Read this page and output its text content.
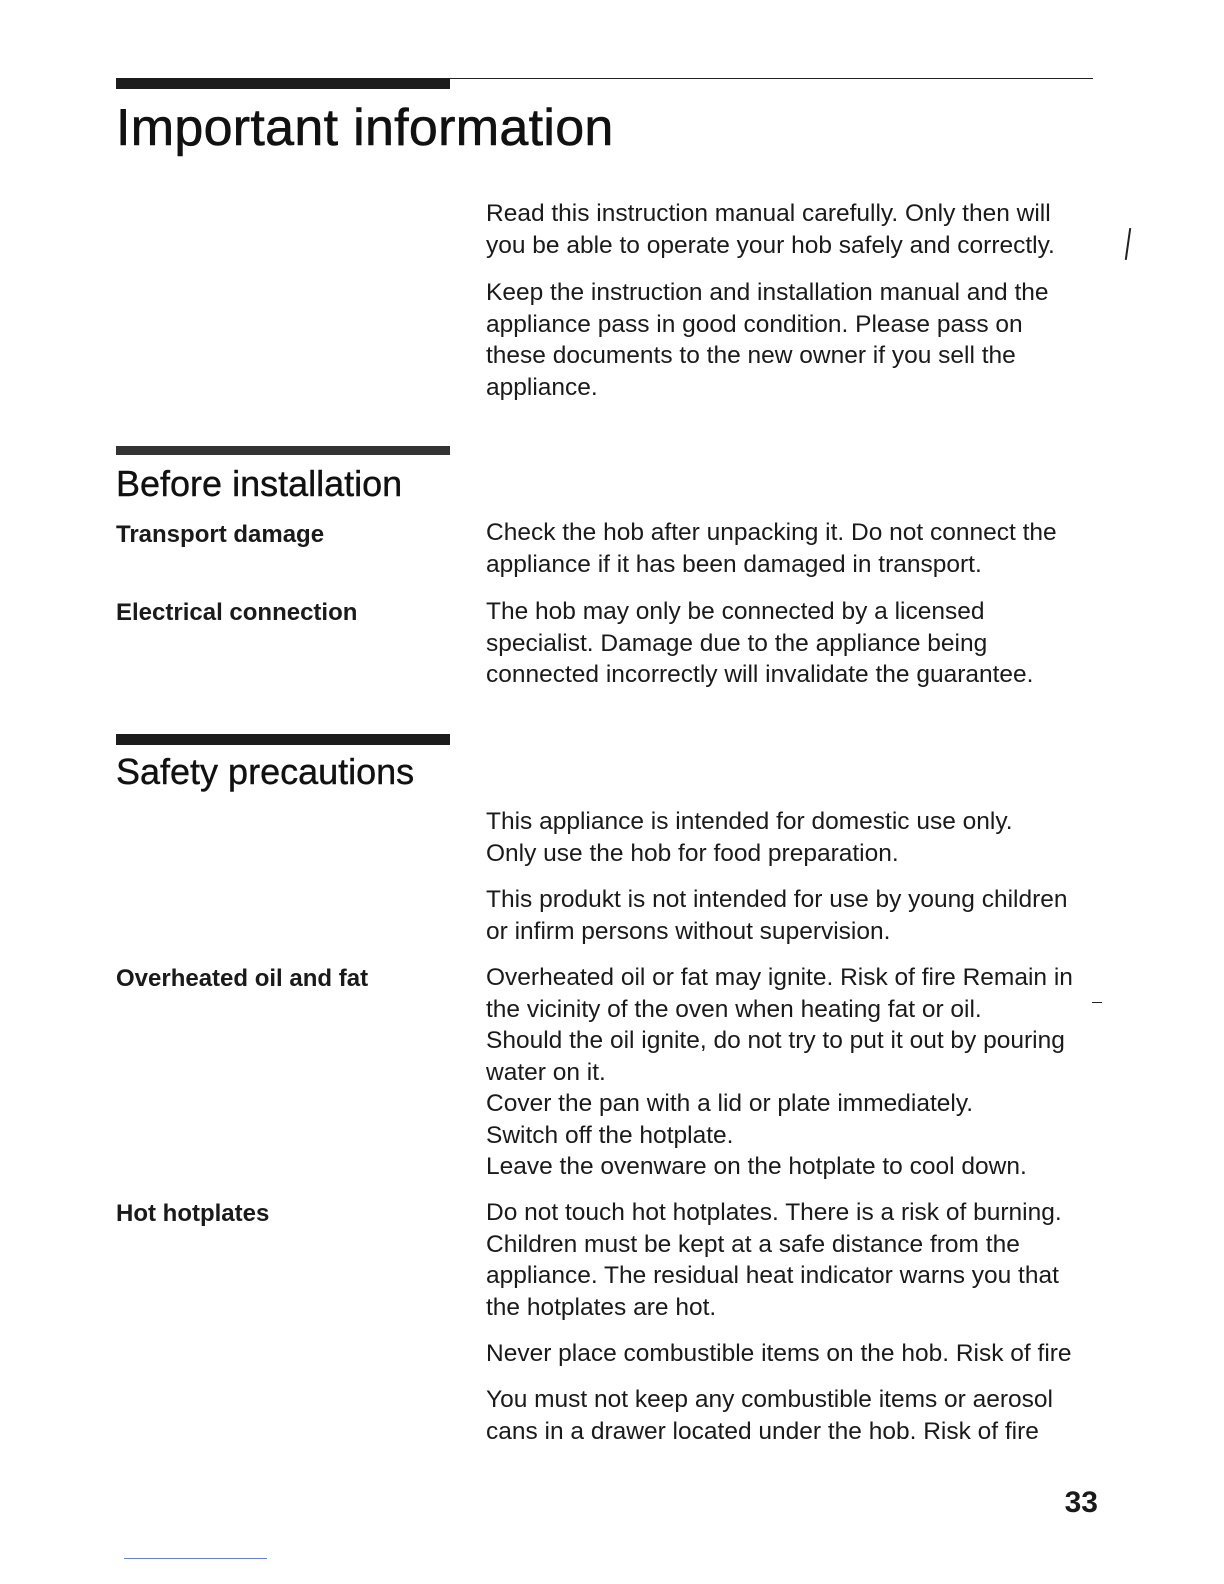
Important information
Read this instruction manual carefully. Only then will
you be able to operate your hob safely and correctly.
Keep the instruction and installation manual and the
appliance pass in good condition. Please pass on
these documents to the new owner if you sell the
appliance.
Before installation
Transport damage	Check the hob after unpacking it. Do not connect the
appliance if it has been damaged in transport.
Electrical connection	The hob may only be connected by a licensed
specialist. Damage due to the appliance being
connected incorrectly will invalidate the guarantee.
Safety precautions
This appliance is intended for domestic use only.
Only use the hob for food preparation.
This produkt is not intended for use by young children
or infirm persons without supervision.
Overheated oil and fat	Overheated oil or fat may ignite. Risk of fire Remain in
the vicinity of the oven when heating fat or oil.
Should the oil ignite, do not try to put it out by pouring
water on it.
Cover the pan with a lid or plate immediately.
Switch off the hotplate.
Leave the ovenware on the hotplate to cool down.
Hot hotplates	Do not touch hot hotplates. There is a risk of burning.
Children must be kept at a safe distance from the
appliance. The residual heat indicator warns you that
the hotplates are hot.
Never place combustible items on the hob. Risk of fire
You must not keep any combustible items or aerosol
cans in a drawer located under the hob. Risk of fire
33
